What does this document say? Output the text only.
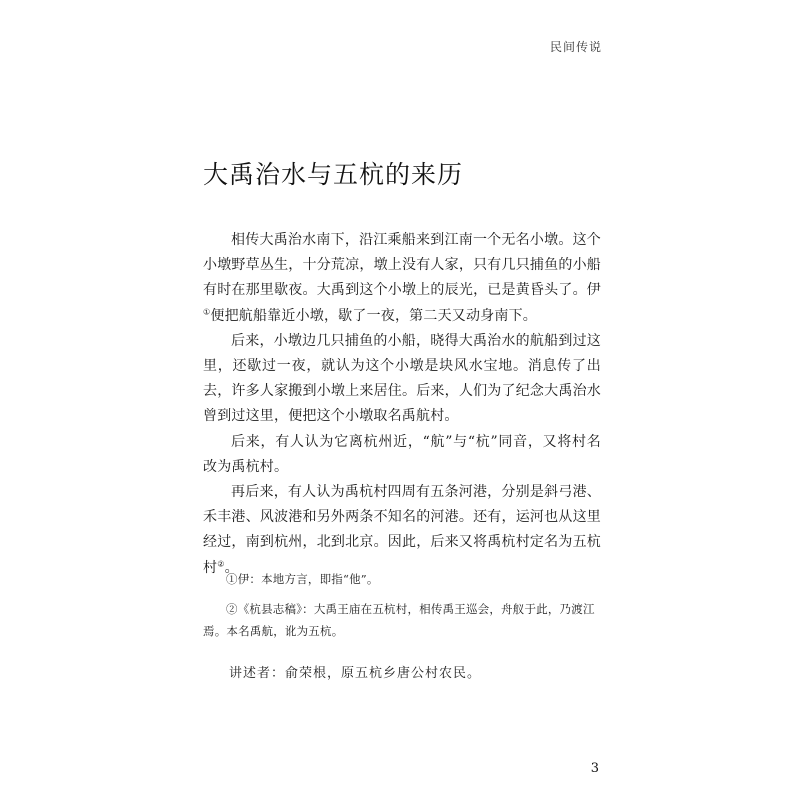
民间传说
大禹治水与五杭的来历

相传大禹治水南下，沿江乘船来到江南一个无名小墩。这个小墩野草丛生，十分荒凉，墩上没有人家，只有几只捕鱼的小船有时在那里歇夜。大禹到这个小墩上的辰光，已是黄昏头了。伊①便把航船靠近小墩，歇了一夜，第二天又动身南下。

后来，小墩边几只捕鱼的小船，晓得大禹治水的航船到过这里，还歇过一夜，就认为这个小墩是块风水宝地。消息传了出去，许多人家搬到小墩上来居住。后来，人们为了纪念大禹治水曾到过这里，便把这个小墩取名禹航村。

后来，有人认为它离杭州近，“航”与“杭”同音，又将村名改为禹杭村。

再后来，有人认为禹杭村四周有五条河港，分别是斜弓港、禾丰港、风波港和另外两条不知名的河港。还有，运河也从这里经过，南到杭州，北到北京。因此，后来又将禹杭村定名为五杭村②。

①伊：本地方言，即指“他”。

②《杭县志稿》：大禹王庙在五杭村，相传禹王巡会，舟舣于此，乃渡江焉。本名禹航，讹为五杭。

讲述者：俞荣根，原五杭乡唐公村农民。
3
